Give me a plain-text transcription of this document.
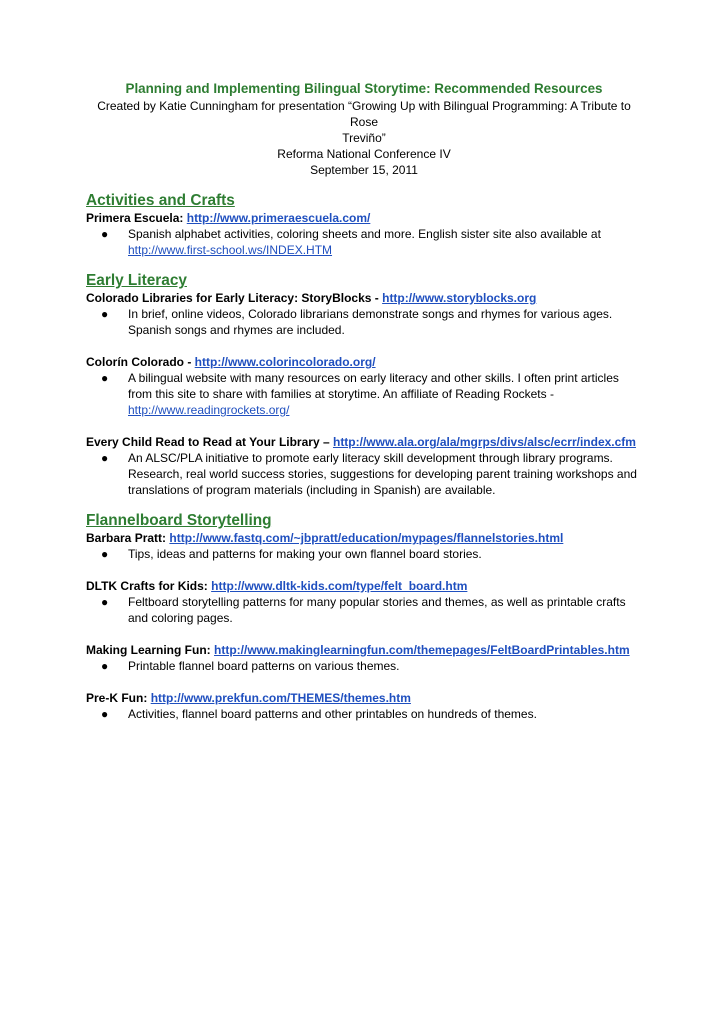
Planning and Implementing Bilingual Storytime: Recommended Resources
Created by Katie Cunningham for presentation “Growing Up with Bilingual Programming: A Tribute to Rose
Treviño”
Reforma National Conference IV
September 15, 2011
Activities and Crafts
Primera Escuela: http://www.primeraescuela.com/
● Spanish alphabet activities, coloring sheets and more. English sister site also available at
http://www.first-school.ws/INDEX.HTM
Early Literacy
Colorado Libraries for Early Literacy: StoryBlocks - http://www.storyblocks.org
● In brief, online videos, Colorado librarians demonstrate songs and rhymes for various ages. Spanish songs and rhymes are included.
Colorín Colorado - http://www.colorincolorado.org/
● A bilingual website with many resources on early literacy and other skills. I often print articles from this site to share with families at storytime. An affiliate of Reading Rockets -
http://www.readingrockets.org/
Every Child Read to Read at Your Library – http://www.ala.org/ala/mgrps/divs/alsc/ecrr/index.cfm
● An ALSC/PLA initiative to promote early literacy skill development through library programs. Research, real world success stories, suggestions for developing parent training workshops and translations of program materials (including in Spanish) are available.
Flannelboard Storytelling
Barbara Pratt: http://www.fastq.com/~jbpratt/education/mypages/flannelstories.html
● Tips, ideas and patterns for making your own flannel board stories.
DLTK Crafts for Kids: http://www.dltk-kids.com/type/felt_board.htm
● Feltboard storytelling patterns for many popular stories and themes, as well as printable crafts and coloring pages.
Making Learning Fun: http://www.makinglearningfun.com/themepages/FeltBoardPrintables.htm
● Printable flannel board patterns on various themes.
Pre-K Fun: http://www.prekfun.com/THEMES/themes.htm
● Activities, flannel board patterns and other printables on hundreds of themes.
